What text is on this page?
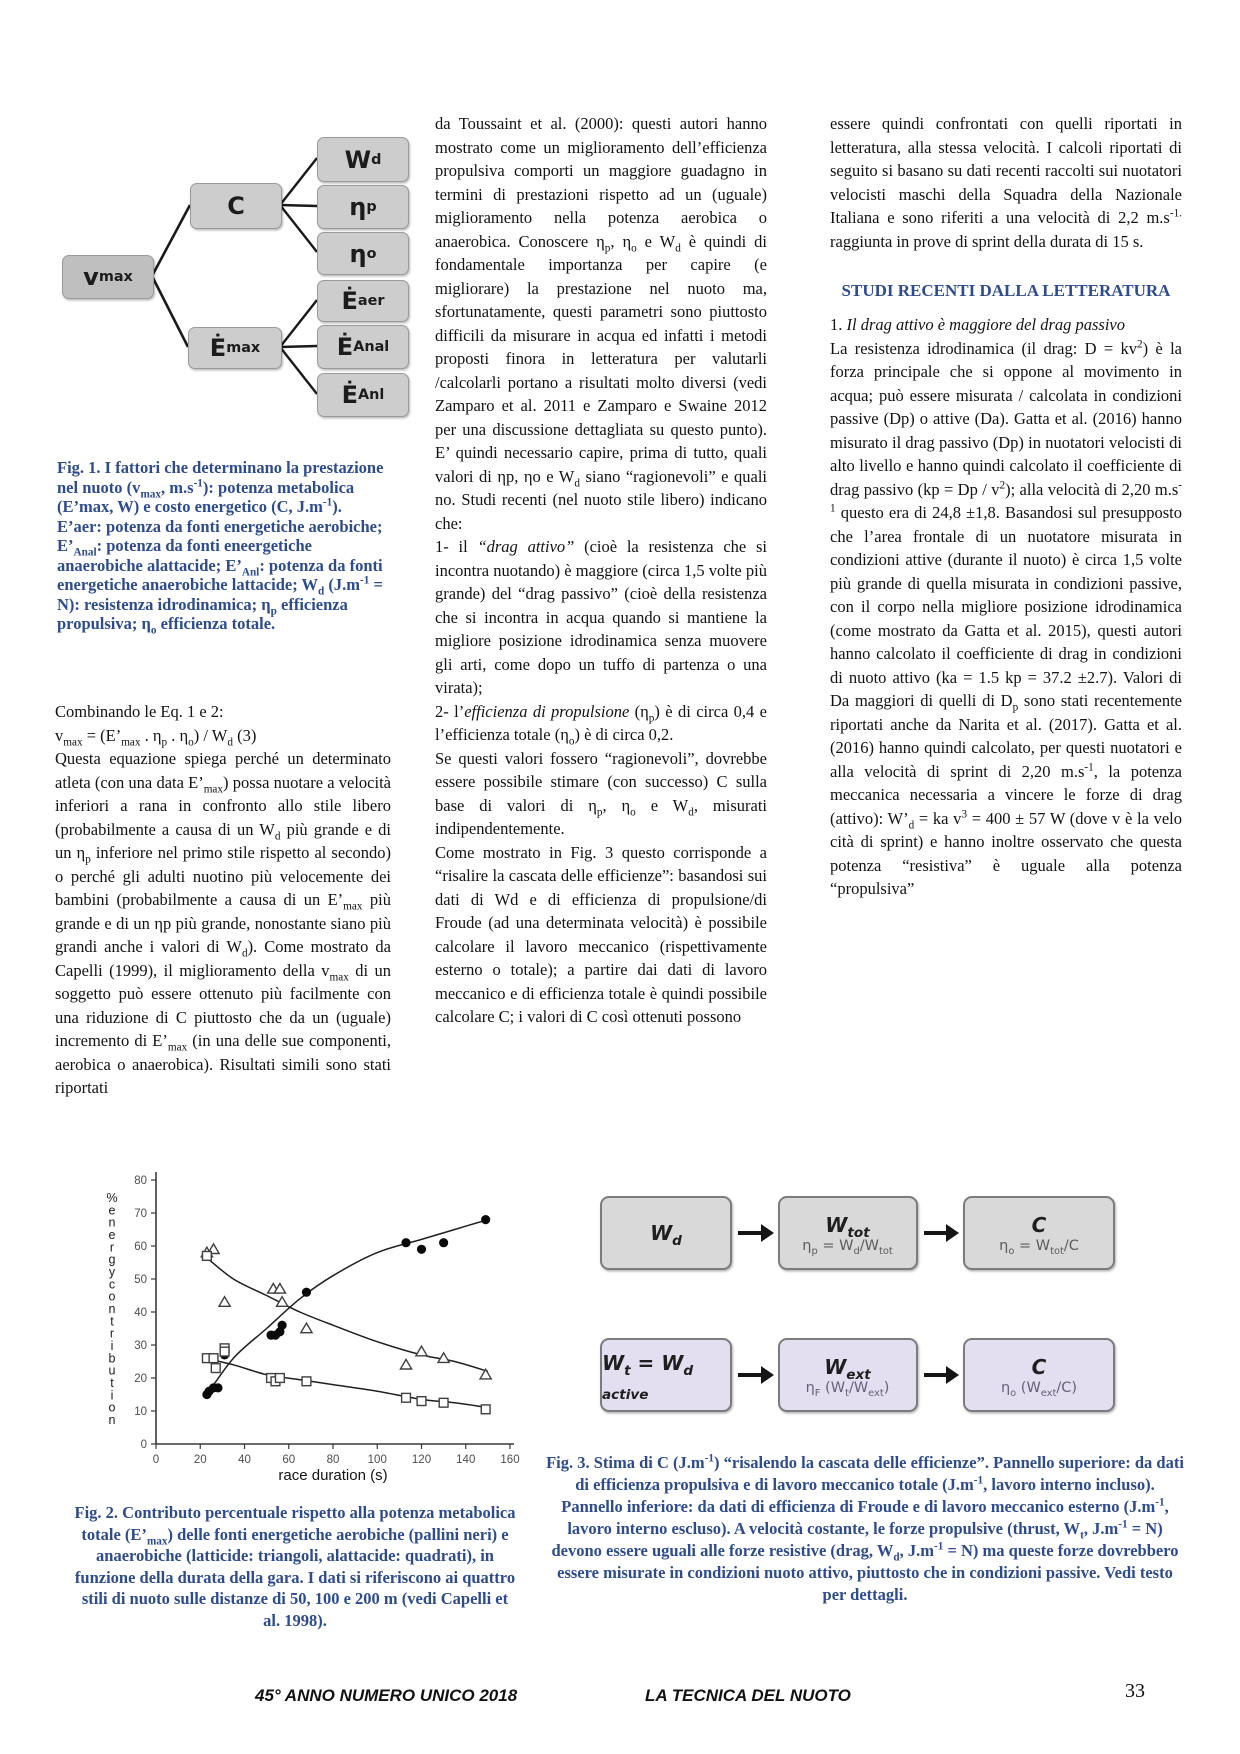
v max
C
Ė max
W d
η p
η o
Ė aer
Ė Anal
Ė Anl
Fig. 1. I fattori che determinano la prestazione nel nuoto ($v_{max}$, $m.s^{-1}$): potenza metabolica (E’max, W) e costo energetico (C, $J.m^{-1}$). E’aer: potenza da fonti energetiche aerobiche; $E’_{Anal}$: potenza da fonti eneergetiche anaerobiche alattacide; $E’_{Anl}$: potenza da fonti energetiche anaerobiche lattacide; $W_d$ $(J.m^{-1} = N)$: resistenza idrodinamica; $\eta_p$ efficienza propulsiva; $\eta_o$ efficienza totale.

Combinando le Eq. 1 e 2:

$v_{max}$ = ($E’_{max}$ . $\eta_p$ . $\eta_o) / W_d$ (3)

Questa equazione spiega perché un determinato atleta (con una data $E’_{max}$) possa nuotare a velocità inferiori a rana in confronto allo stile libero (probabilmente a causa di un $W_d$ più grande e di un $\eta_p$ inferiore nel primo stile rispetto al secondo) o perché gli adulti nuotino più velocemente dei bambini (probabilmente a causa di un $E’_{max}$ più grande e di un ηp più grande, nonostante siano più grandi anche i valori di $W_d$). Come mostrato da Capelli (1999), il miglioramento della $v_{max}$ di un soggetto può essere ottenuto più facilmente con una riduzione di C piuttosto che da un (uguale) incremento di $E’_{max}$ (in una delle sue componenti, aerobica o anaerobica). Risultati simili sono stati riportati

da Toussaint et al. (2000): questi autori hanno mostrato come un miglioramento dell’efficienza propulsiva comporti un maggiore guadagno in termini di prestazioni rispetto ad un (uguale) miglioramento nella potenza aerobica o anaerobica. Conoscere $\eta_p$, $\eta_o$ e $W_d$ è quindi di fondamentale importanza per capire (e migliorare) la prestazione nel nuoto ma, sfortunatamente, questi parametri sono piuttosto difficili da misurare in acqua ed infatti i metodi proposti finora in letteratura per valutarli /calcolarli portano a risultati molto diversi (vedi Zamparo et al. 2011 e Zamparo e Swaine 2012 per una discussione dettagliata su questo punto). E’ quindi necessario capire, prima di tutto, quali valori di ηp, ηo e $W_d$ siano “ragionevoli” e quali no. Studi recenti (nel nuoto stile libero) indicano che:

1- il “drag attivo” (cioè la resistenza che si incontra nuotando) è maggiore (circa 1,5 volte più grande) del “drag passivo” (cioè della resistenza che si incontra in acqua quando si mantiene la migliore posizione idrodinamica senza muovere gli arti, come dopo un tuffo di partenza o una virata);

2- l’efficienza di propulsione $(\eta_p)$ è di circa 0,4 e l’efficienza totale $(\eta_o)$ è di circa 0,2.

Se questi valori fossero “ragionevoli”, dovrebbe essere possibile stimare (con successo) C sulla base di valori di $\eta_p$, $\eta_o$ e $W_d$, misurati indipendentemente.

Come mostrato in Fig. 3 questo corrisponde a “risalire la cascata delle efficienze”: basandosi sui dati di Wd e di efficienza di propulsione/di Froude (ad una determinata velocità) è possibile calcolare il lavoro meccanico (rispettivamente esterno o totale); a partire dai dati di lavoro meccanico e di efficienza totale è quindi possibile calcolare C; i valori di C così ottenuti possono

essere quindi confrontati con quelli riportati in letteratura, alla stessa velocità. I calcoli riportati di seguito si basano su dati recenti raccolti sui nuotatori velocisti maschi della Squadra della Nazionale Italiana e sono riferiti a una velocità di 2,2 $m.s^{-1.}$ raggiunta in prove di sprint della durata di 15 s.

STUDI RECENTI DALLA LETTERATURA

1. Il drag attivo è maggiore del drag passivo

La resistenza idrodinamica (il drag: $D = kv^2$) è la forza principale che si oppone al movimento in acqua; può essere misurata / calcolata in condizioni passive (Dp) o attive (Da). Gatta et al. (2016) hanno misurato il drag passivo (Dp) in nuotatori velocisti di alto livello e hanno quindi calcolato il coefficiente di drag passivo $(kp = Dp / v^2)$; alla velocità di 2,20 $m.s^{-1}$ questo era di 24,8 ±1,8. Basandosi sul presupposto che l’area frontale di un nuotatore misurata in condizioni attive (durante il nuoto) è circa 1,5 volte più grande di quella misurata in condizioni passive, con il corpo nella migliore posizione idrodinamica (come mostrato da Gatta et al. 2015), questi autori hanno calcolato il coefficiente di drag in condizioni di nuoto attivo (ka = 1.5 kp = 37.2 ±2.7). Valori di Da maggiori di quelli di $D_p$ sono stati recentemente riportati anche da Narita et al. (2017). Gatta et al. (2016) hanno quindi calcolato, per questi nuotatori e alla velocità di sprint di 2,20 $m.s^{-1}$, la potenza meccanica necessaria a vincere le forze di drag (attivo): $W’_d$ = ka $v^3 = 400 \pm 57$ W (dove v è la velo cità di sprint) e hanno inoltre osservato che questa potenza “resistiva” è uguale alla potenza “propulsiva”

0	20	40	60	80 100 120 140 160
0
10
20
30
40
50
60
70
80
%
e
n
e
r
g
y
c
o
n
t
r
i
b
u
t
i
o
n
race duration (s)
Fig. 2. Contributo percentuale rispetto alla potenza metabolica totale $(E’_{max})$ delle fonti energetiche aerobiche (pallini neri) e anaerobiche (latticide: triangoli, alattacide: quadrati), in funzione della durata della gara. I dati si riferiscono ai quattro stili di nuoto sulle distanze di 50, 100 e 200 m (vedi Capelli et al. 1998).
$W_d$
$W_{tot}$
$\eta_p = W_d/W_{tot}$
C
$\eta_o = W_{tot}/C$
$W_t = W_{d active}$
$W_{ext}$
$\eta_F$ $(W_t/W_{ext})$
C
$\eta_o$ $(W_{ext}/C)$
Fig. 3. Stima di C $(J.m^{-1})$ “risalendo la cascata delle efficienze”. Pannello superiore: da dati di efficienza propulsiva e di lavoro meccanico totale ($J.m^{-1}$, lavoro interno incluso). Pannello inferiore: da dati di efficienza di Froude e di lavoro meccanico esterno ($J.m^{-1}$, lavoro interno escluso). A velocità costante, le forze propulsive (thrust, $W_t$, $J.m^{-1} = N$) devono essere uguali alle forze resistive (drag, $W_d$, $J.m^{-1} = N$) ma queste forze dovrebbero essere misurate in condizioni nuoto attivo, piuttosto che in condizioni passive. Vedi testo per dettagli.
45° ANNO NUMERO UNICO 2018	LA TECNICA DEL NUOTO	33
